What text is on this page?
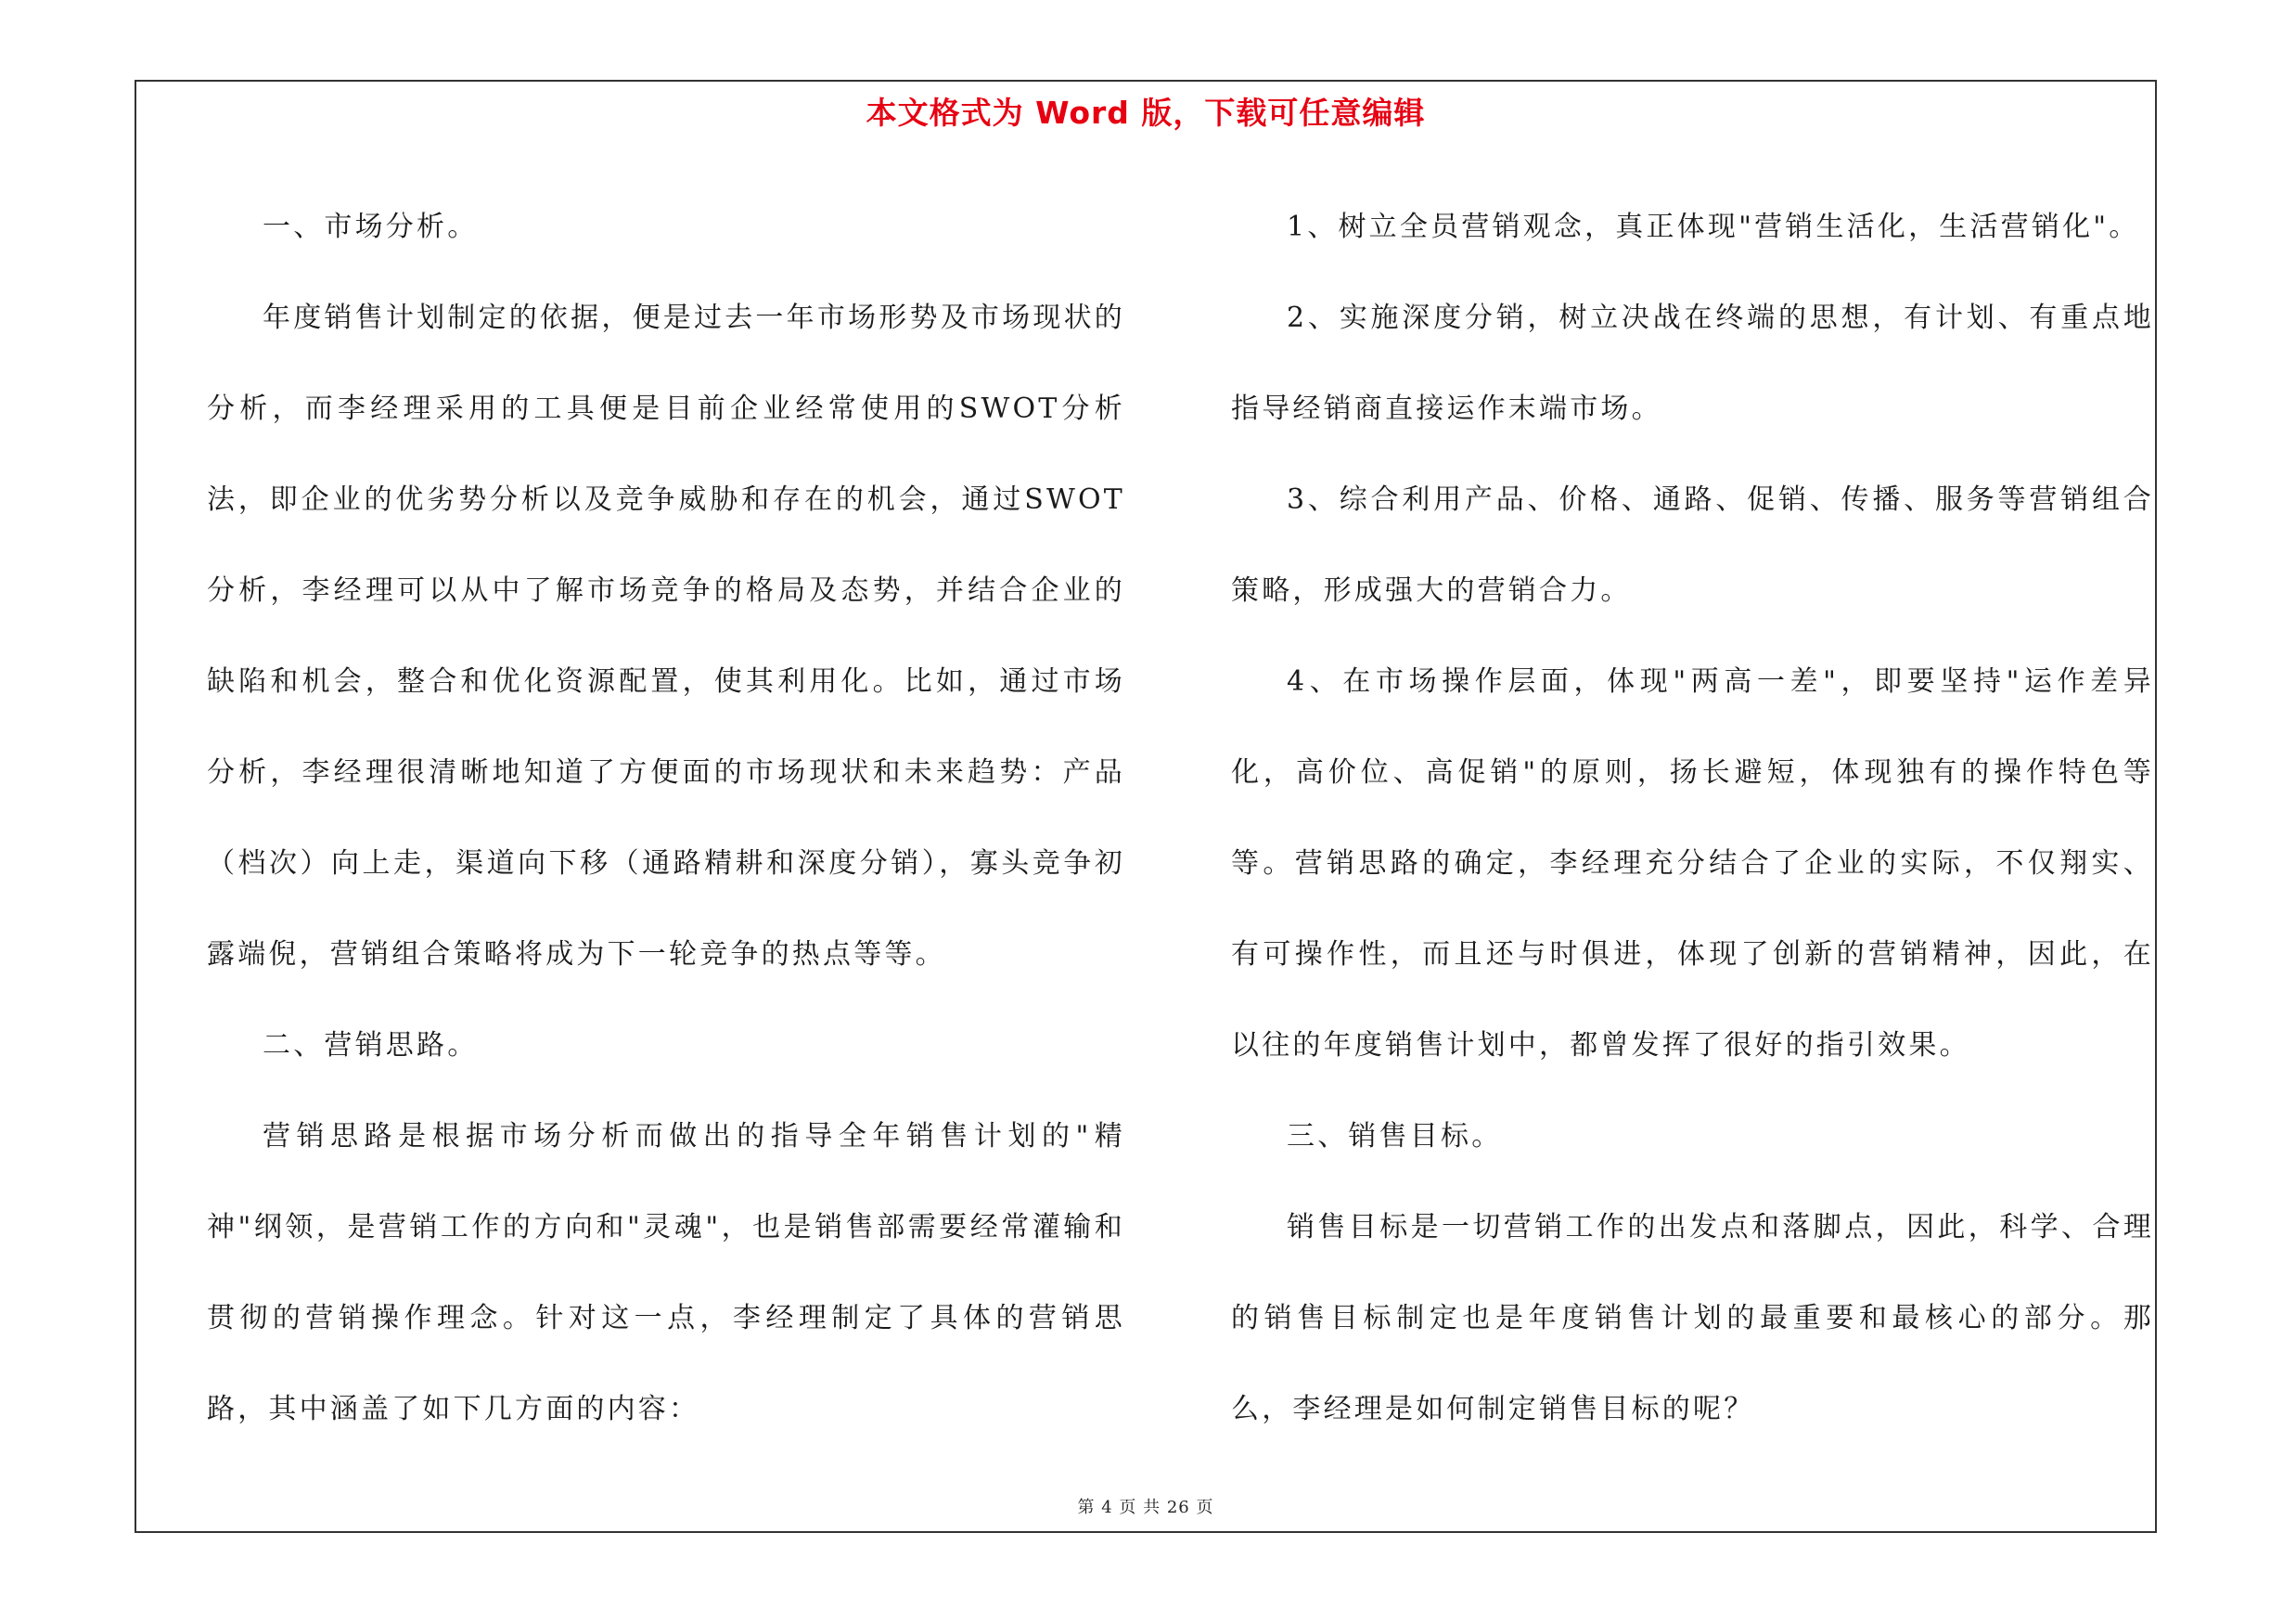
本文格式为 Word 版，下载可任意编辑

一、市场分析。

年度销售计划制定的依据，便是过去一年市场形势及市场现状的分析，而李经理采用的工具便是目前企业经常使用的SWOT分析法，即企业的优劣势分析以及竞争威胁和存在的机会，通过SWOT分析，李经理可以从中了解市场竞争的格局及态势，并结合企业的缺陷和机会，整合和优化资源配置，使其利用化。比如，通过市场分析，李经理很清晰地知道了方便面的市场现状和未来趋势：产品（档次）向上走，渠道向下移（通路精耕和深度分销），寡头竞争初露端倪，营销组合策略将成为下一轮竞争的热点等等。

二、营销思路。

营销思路是根据市场分析而做出的指导全年销售计划的"精神"纲领，是营销工作的方向和"灵魂"，也是销售部需要经常灌输和贯彻的营销操作理念。针对这一点，李经理制定了具体的营销思路，其中涵盖了如下几方面的内容：

1、树立全员营销观念，真正体现"营销生活化，生活营销化"。

2、实施深度分销，树立决战在终端的思想，有计划、有重点地指导经销商直接运作末端市场。

3、综合利用产品、价格、通路、促销、传播、服务等营销组合策略，形成强大的营销合力。

4、在市场操作层面，体现"两高一差"，即要坚持"运作差异化，高价位、高促销"的原则，扬长避短，体现独有的操作特色等等。营销思路的确定，李经理充分结合了企业的实际，不仅翔实、有可操作性，而且还与时俱进，体现了创新的营销精神，因此，在以往的年度销售计划中，都曾发挥了很好的指引效果。

三、销售目标。

销售目标是一切营销工作的出发点和落脚点，因此，科学、合理的销售目标制定也是年度销售计划的最重要和最核心的部分。那么，李经理是如何制定销售目标的呢？

第 4 页 共 26 页
